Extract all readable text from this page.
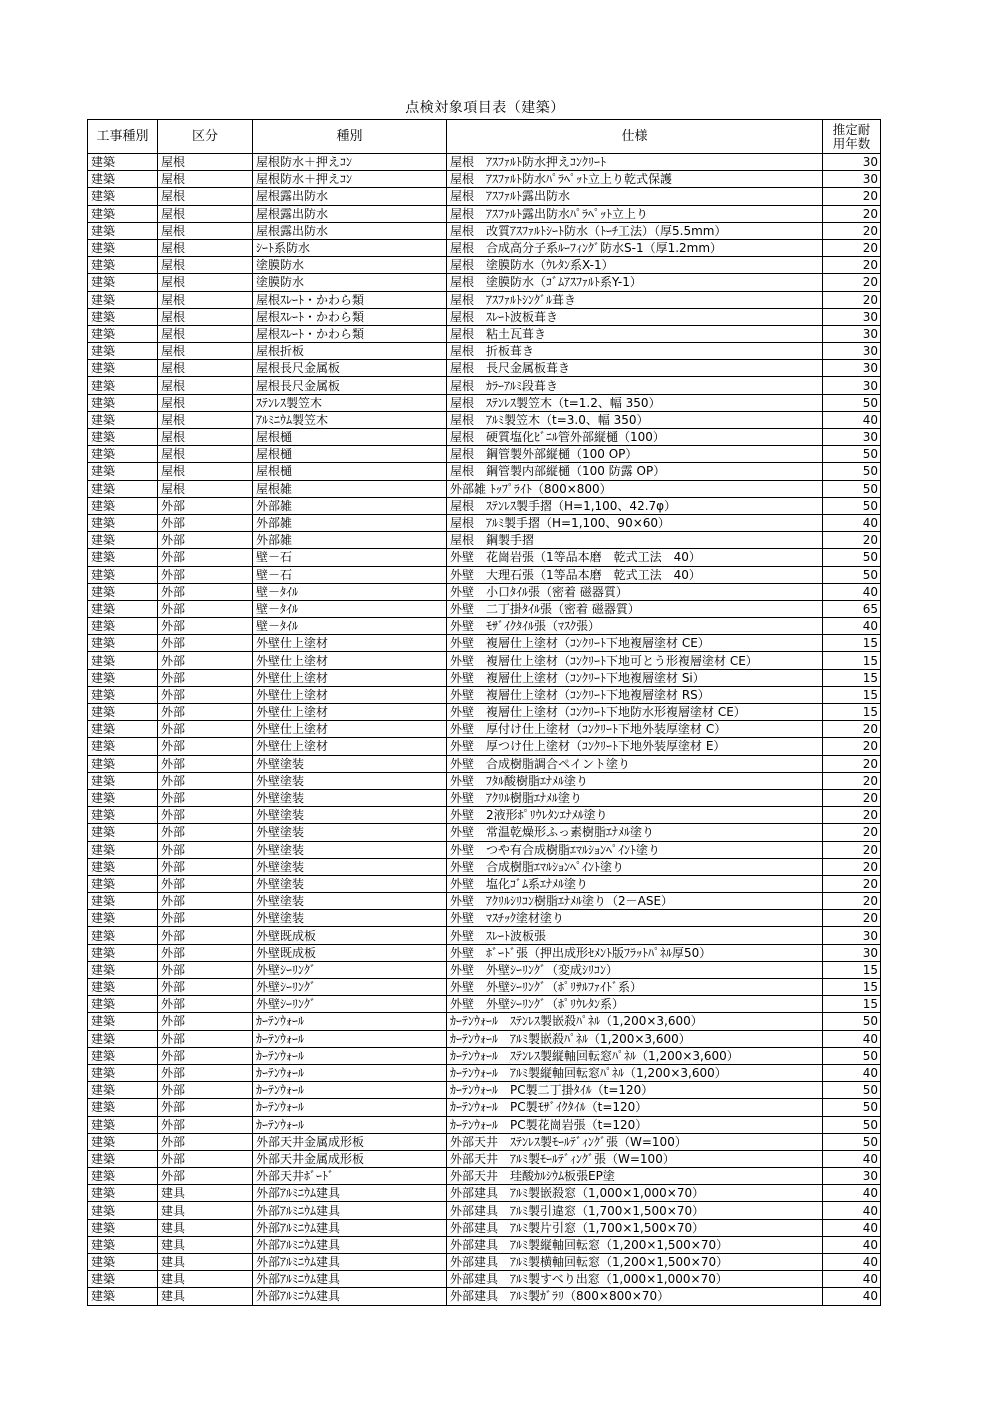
点検対象項目表（建築）
工事種別	区分	種別	仕様	推定耐
用年数
建築	屋根	屋根防水＋押えｺﾝ	屋根　ｱｽﾌｧﾙﾄ防水押えｺﾝｸﾘｰﾄ	30
建築	屋根	屋根防水＋押えｺﾝ	屋根　ｱｽﾌｧﾙﾄ防水ﾊﾟﾗﾍﾟｯﾄ立上り乾式保護	30
建築	屋根	屋根露出防水	屋根　ｱｽﾌｧﾙﾄ露出防水	20
建築	屋根	屋根露出防水	屋根　ｱｽﾌｧﾙﾄ露出防水ﾊﾟﾗﾍﾟｯﾄ立上り	20
建築	屋根	屋根露出防水	屋根　改質ｱｽﾌｧﾙﾄｼｰﾄ防水（ﾄｰﾁ工法）（厚5.5mm）	20
建築	屋根	ｼｰﾄ系防水	屋根　合成高分子系ﾙｰﾌｨﾝｸﾞ防水S-1（厚1.2mm）	20
建築	屋根	塗膜防水	屋根　塗膜防水（ｳﾚﾀﾝ系X-1）	20
建築	屋根	塗膜防水	屋根　塗膜防水（ｺﾞﾑｱｽﾌｧﾙﾄ系Y-1）	20
建築	屋根	屋根ｽﾚｰﾄ・かわら類	屋根　ｱｽﾌｧﾙﾄｼﾝｸﾞﾙ葺き	20
建築	屋根	屋根ｽﾚｰﾄ・かわら類	屋根　ｽﾚｰﾄ波板葺き	30
建築	屋根	屋根ｽﾚｰﾄ・かわら類	屋根　粘土瓦葺き	30
建築	屋根	屋根折板	屋根　折板葺き	30
建築	屋根	屋根長尺金属板	屋根　長尺金属板葺き	30
建築	屋根	屋根長尺金属板	屋根　ｶﾗｰｱﾙﾐ段葺き	30
建築	屋根	ｽﾃﾝﾚｽ製笠木	屋根　ｽﾃﾝﾚｽ製笠木（t=1.2、幅 350）	50
建築	屋根	ｱﾙﾐﾆｳﾑ製笠木	屋根　ｱﾙﾐ製笠木（t=3.0、幅 350）	40
建築	屋根	屋根樋	屋根　硬質塩化ﾋﾞﾆﾙ管外部縦樋（100）	30
建築	屋根	屋根樋	屋根　鋼管製外部縦樋（100 OP）	50
建築	屋根	屋根樋	屋根　鋼管製内部縦樋（100 防露 OP）	50
建築	屋根	屋根雑	外部雑 ﾄｯﾌﾟﾗｲﾄ（800×800）	50
建築	外部	外部雑	屋根　ｽﾃﾝﾚｽ製手摺（H=1,100、42.7φ）	50
建築	外部	外部雑	屋根　ｱﾙﾐ製手摺（H=1,100、90×60）	40
建築	外部	外部雑	屋根　鋼製手摺	20
建築	外部	壁－石	外壁　花崗岩張（1等品本磨　乾式工法　40）	50
建築	外部	壁－石	外壁　大理石張（1等品本磨　乾式工法　40）	50
建築	外部	壁－ﾀｲﾙ	外壁　小口ﾀｲﾙ張（密着 磁器質）	40
建築	外部	壁－ﾀｲﾙ	外壁　二丁掛ﾀｲﾙ張（密着 磁器質）	65
建築	外部	壁－ﾀｲﾙ	外壁　ﾓｻﾞｲｸﾀｲﾙ張（ﾏｽｸ張）	40
建築	外部	外壁仕上塗材	外壁　複層仕上塗材（ｺﾝｸﾘｰﾄ下地複層塗材 CE）	15
建築	外部	外壁仕上塗材	外壁　複層仕上塗材（ｺﾝｸﾘｰﾄ下地可とう形複層塗材 CE）	15
建築	外部	外壁仕上塗材	外壁　複層仕上塗材（ｺﾝｸﾘｰﾄ下地複層塗材 Si）	15
建築	外部	外壁仕上塗材	外壁　複層仕上塗材（ｺﾝｸﾘｰﾄ下地複層塗材 RS）	15
建築	外部	外壁仕上塗材	外壁　複層仕上塗材（ｺﾝｸﾘｰﾄ下地防水形複層塗材 CE）	15
建築	外部	外壁仕上塗材	外壁　厚付け仕上塗材（ｺﾝｸﾘｰﾄ下地外装厚塗材 C）	20
建築	外部	外壁仕上塗材	外壁　厚つけ仕上塗材（ｺﾝｸﾘｰﾄ下地外装厚塗材 E）	20
建築	外部	外壁塗装	外壁　合成樹脂調合ペイント塗り	20
建築	外部	外壁塗装	外壁　ﾌﾀﾙ酸樹脂ｴﾅﾒﾙ塗り	20
建築	外部	外壁塗装	外壁　ｱｸﾘﾙ樹脂ｴﾅﾒﾙ塗り	20
建築	外部	外壁塗装	外壁　2液形ﾎﾟﾘｳﾚﾀﾝｴﾅﾒﾙ塗り	20
建築	外部	外壁塗装	外壁　常温乾燥形ふっ素樹脂ｴﾅﾒﾙ塗り	20
建築	外部	外壁塗装	外壁　つや有合成樹脂ｴﾏﾙｼｮﾝﾍﾟｲﾝﾄ塗り	20
建築	外部	外壁塗装	外壁　合成樹脂ｴﾏﾙｼｮﾝﾍﾟｲﾝﾄ塗り	20
建築	外部	外壁塗装	外壁　塩化ｺﾞﾑ系ｴﾅﾒﾙ塗り	20
建築	外部	外壁塗装	外壁　ｱｸﾘﾙｼﾘｺﾝ樹脂ｴﾅﾒﾙ塗り（2－ASE）	20
建築	外部	外壁塗装	外壁　ﾏｽﾁｯｸ塗材塗り	20
建築	外部	外壁既成板	外壁　ｽﾚｰﾄ波板張	30
建築	外部	外壁既成板	外壁　ﾎﾞｰﾄﾞ張（押出成形ｾﾒﾝﾄ版ﾌﾗｯﾄﾊﾟﾈﾙ厚50）	30
建築	外部	外壁ｼｰﾘﾝｸﾞ	外壁　外壁ｼｰﾘﾝｸﾞ（変成ｼﾘｺﾝ）	15
建築	外部	外壁ｼｰﾘﾝｸﾞ	外壁　外壁ｼｰﾘﾝｸﾞ（ﾎﾟﾘｻﾙﾌｧｲﾄﾞ系）	15
建築	外部	外壁ｼｰﾘﾝｸﾞ	外壁　外壁ｼｰﾘﾝｸﾞ（ﾎﾟﾘｳﾚﾀﾝ系）	15
建築	外部	ｶｰﾃﾝｳｫｰﾙ	ｶｰﾃﾝｳｫｰﾙ　ｽﾃﾝﾚｽ製嵌殺ﾊﾟﾈﾙ（1,200×3,600）	50
建築	外部	ｶｰﾃﾝｳｫｰﾙ	ｶｰﾃﾝｳｫｰﾙ　ｱﾙﾐ製嵌殺ﾊﾟﾈﾙ（1,200×3,600）	40
建築	外部	ｶｰﾃﾝｳｫｰﾙ	ｶｰﾃﾝｳｫｰﾙ　ｽﾃﾝﾚｽ製縦軸回転窓ﾊﾟﾈﾙ（1,200×3,600）	50
建築	外部	ｶｰﾃﾝｳｫｰﾙ	ｶｰﾃﾝｳｫｰﾙ　ｱﾙﾐ製縦軸回転窓ﾊﾟﾈﾙ（1,200×3,600）	40
建築	外部	ｶｰﾃﾝｳｫｰﾙ	ｶｰﾃﾝｳｫｰﾙ　PC製二丁掛ﾀｲﾙ（t=120）	50
建築	外部	ｶｰﾃﾝｳｫｰﾙ	ｶｰﾃﾝｳｫｰﾙ　PC製ﾓｻﾞｲｸﾀｲﾙ（t=120）	50
建築	外部	ｶｰﾃﾝｳｫｰﾙ	ｶｰﾃﾝｳｫｰﾙ　PC製花崗岩張（t=120）	50
建築	外部	外部天井金属成形板	外部天井　ｽﾃﾝﾚｽ製ﾓｰﾙﾃﾞｨﾝｸﾞ張（W=100）	50
建築	外部	外部天井金属成形板	外部天井　ｱﾙﾐ製ﾓｰﾙﾃﾞｨﾝｸﾞ張（W=100）	40
建築	外部	外部天井ﾎﾞｰﾄﾞ	外部天井　珪酸ｶﾙｼｳﾑ板張EP塗	30
建築	建具	外部ｱﾙﾐﾆｳﾑ建具	外部建具　ｱﾙﾐ製嵌殺窓（1,000×1,000×70）	40
建築	建具	外部ｱﾙﾐﾆｳﾑ建具	外部建具　ｱﾙﾐ製引違窓（1,700×1,500×70）	40
建築	建具	外部ｱﾙﾐﾆｳﾑ建具	外部建具　ｱﾙﾐ製片引窓（1,700×1,500×70）	40
建築	建具	外部ｱﾙﾐﾆｳﾑ建具	外部建具　ｱﾙﾐ製縦軸回転窓（1,200×1,500×70）	40
建築	建具	外部ｱﾙﾐﾆｳﾑ建具	外部建具　ｱﾙﾐ製横軸回転窓（1,200×1,500×70）	40
建築	建具	外部ｱﾙﾐﾆｳﾑ建具	外部建具　ｱﾙﾐ製すべり出窓（1,000×1,000×70）	40
建築	建具	外部ｱﾙﾐﾆｳﾑ建具	外部建具　ｱﾙﾐ製ｶﾞﾗﾘ（800×800×70）	40
